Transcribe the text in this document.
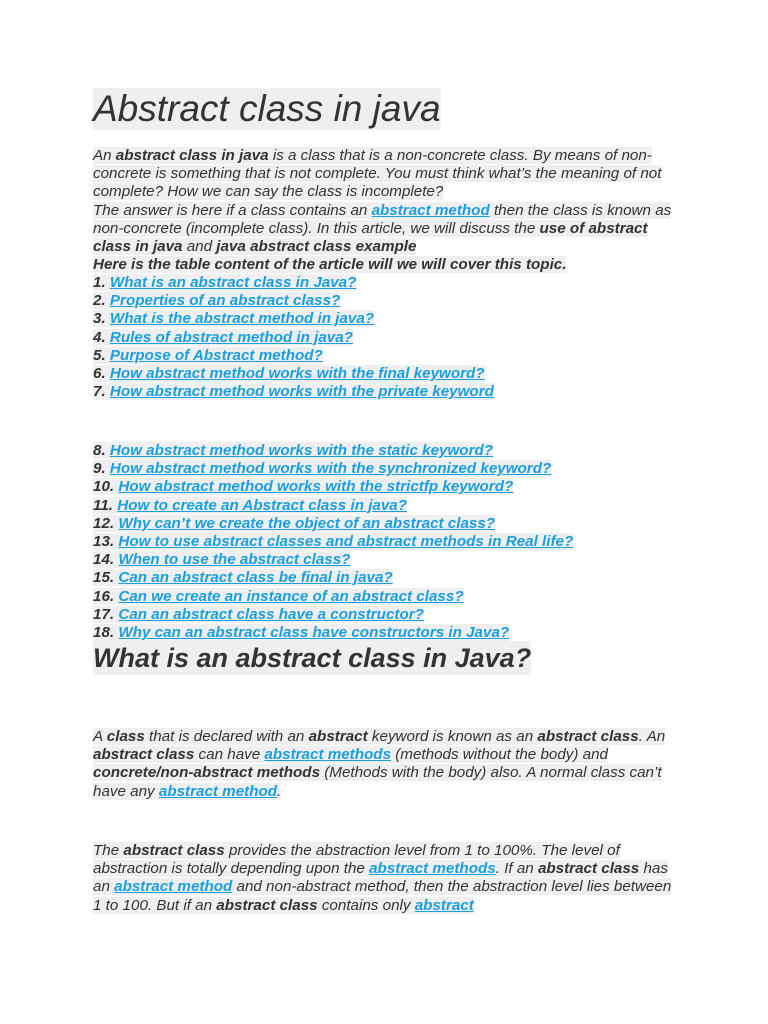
Abstract class in java

An abstract class in java is a class that is a non-concrete class. By means of non-concrete is something that is not complete. You must think what’s the meaning of not complete? How we can say the class is incomplete?

The answer is here if a class contains an abstract method then the class is known as non-concrete (incomplete class). In this article, we will discuss the use of abstract class in java and java abstract class example

Here is the table content of the article will we will cover this topic.

1. What is an abstract class in Java?
2. Properties of an abstract class?
3. What is the abstract method in java?
4. Rules of abstract method in java?
5. Purpose of Abstract method?
6. How abstract method works with the final keyword?
7. How abstract method works with the private keyword
8. How abstract method works with the static keyword?
9. How abstract method works with the synchronized keyword?
10. How abstract method works with the strictfp keyword?
11. How to create an Abstract class in java?
12. Why can’t we create the object of an abstract class?
13. How to use abstract classes and abstract methods in Real life?
14. When to use the abstract class?
15. Can an abstract class be final in java?
16. Can we create an instance of an abstract class?
17. Can an abstract class have a constructor?
18. Why can an abstract class have constructors in Java?
What is an abstract class in Java?

A class that is declared with an abstract keyword is known as an abstract class. An abstract class can have abstract methods (methods without the body) and concrete/non-abstract methods (Methods with the body) also. A normal class can’t have any abstract method.

The abstract class provides the abstraction level from 1 to 100%. The level of abstraction is totally depending upon the abstract methods. If an abstract class has an abstract method and non-abstract method, then the abstraction level lies between 1 to 100. But if an abstract class contains only abstract
